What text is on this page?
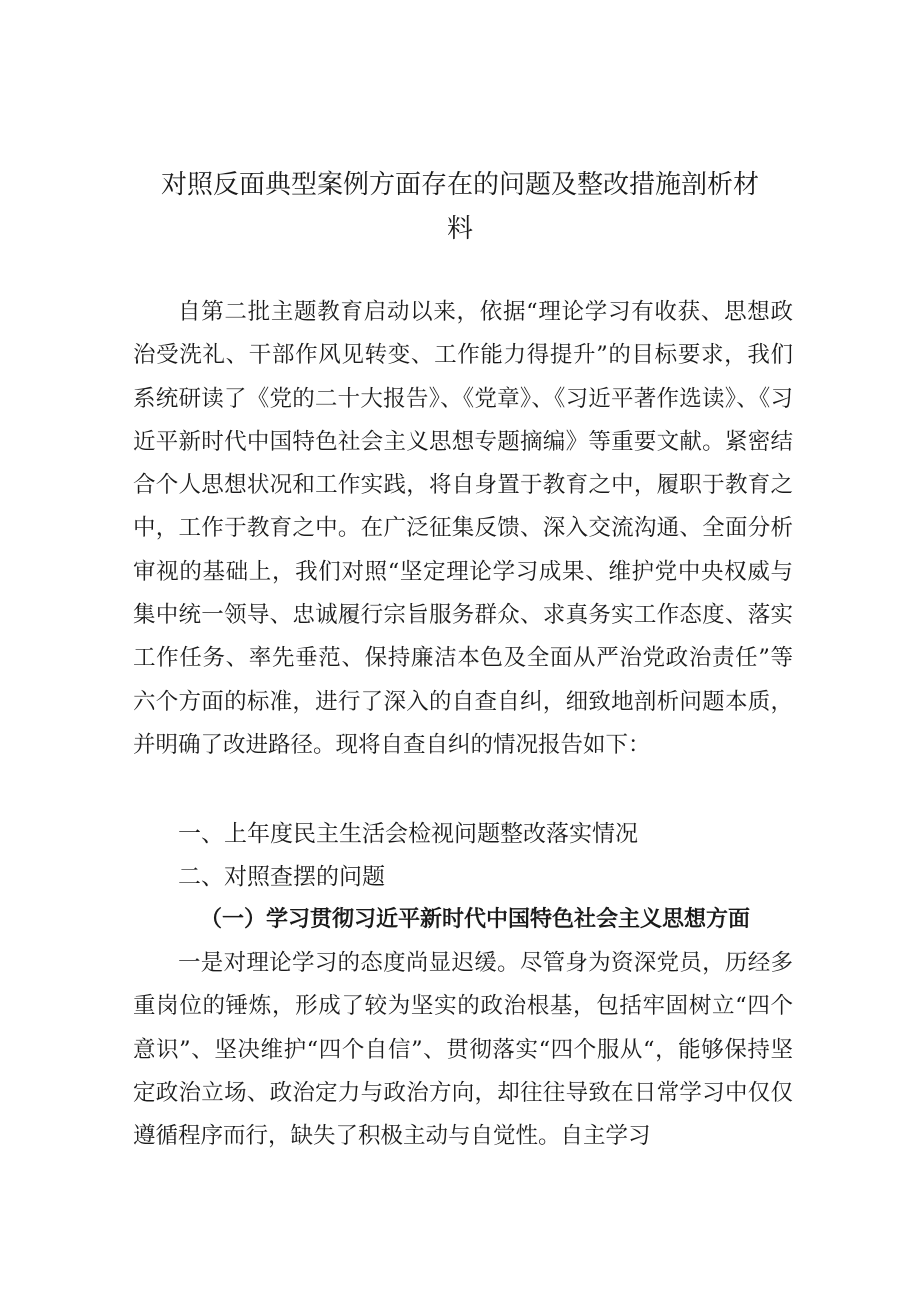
对照反面典型案例方面存在的问题及整改措施剖析材
料

自第二批主题教育启动以来，依据“理论学习有收获、思想政治受洗礼、干部作风见转变、工作能力得提升”的目标要求，我们系统研读了《党的二十大报告》、《党章》、《习近平著作选读》、《习近平新时代中国特色社会主义思想专题摘编》等重要文献。紧密结合个人思想状况和工作实践，将自身置于教育之中，履职于教育之中，工作于教育之中。在广泛征集反馈、深入交流沟通、全面分析审视的基础上，我们对照“坚定理论学习成果、维护党中央权威与集中统一领导、忠诚履行宗旨服务群众、求真务实工作态度、落实工作任务、率先垂范、保持廉洁本色及全面从严治党政治责任”等六个方面的标准，进行了深入的自查自纠，细致地剖析问题本质，并明确了改进路径。现将自查自纠的情况报告如下：

一、上年度民主生活会检视问题整改落实情况
二、对照查摆的问题
（一）学习贯彻习近平新时代中国特色社会主义思想方面

一是对理论学习的态度尚显迟缓。尽管身为资深党员，历经多重岗位的锤炼，形成了较为坚实的政治根基，包括牢固树立“四个意识”、坚决维护“四个自信”、贯彻落实“四个服从“，能够保持坚定政治立场、政治定力与政治方向，却往往导致在日常学习中仅仅遵循程序而行，缺失了积极主动与自觉性。自主学习
